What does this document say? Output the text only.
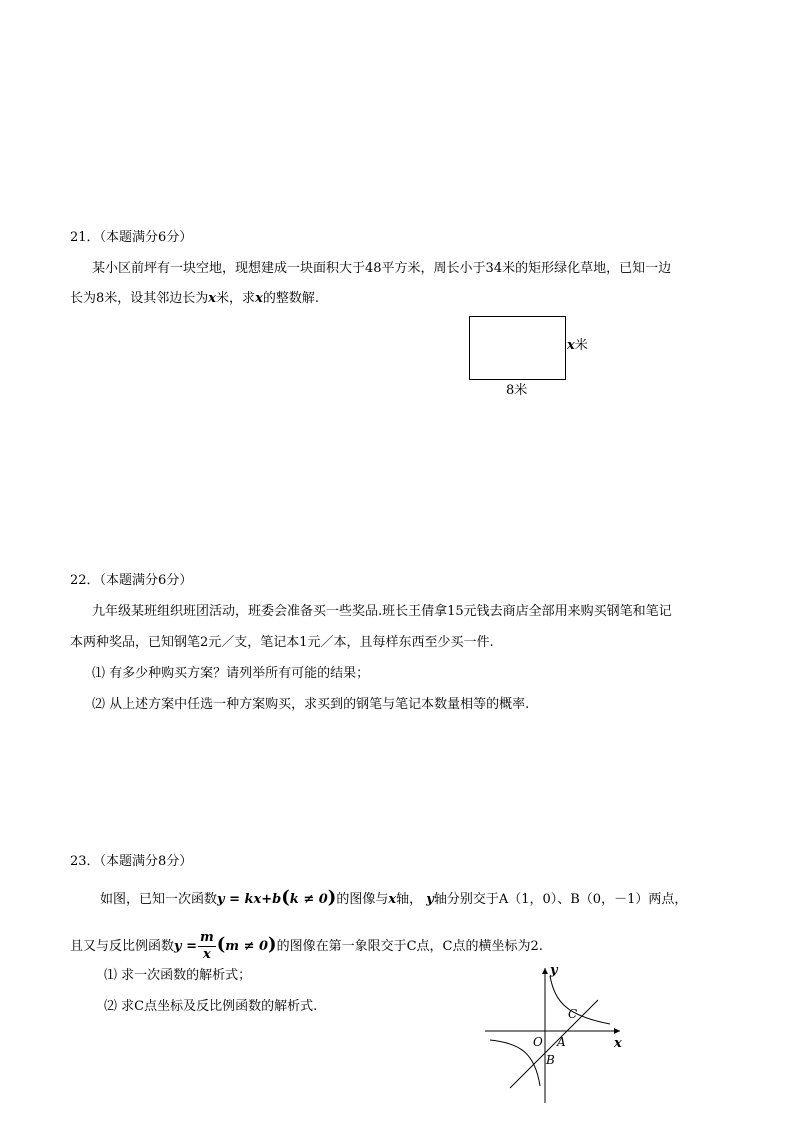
21．（本题满分6分）
某小区前坪有一块空地，现想建成一块面积大于48平方米，周长小于34米的矩形绿化草地，已知一边
长为8米，设其邻边长为x米，求x的整数解.
x米
8米
22．（本题满分6分）
九年级某班组织班团活动，班委会准备买一些奖品.班长王倩拿15元钱去商店全部用来购买钢笔和笔记
本两种奖品，已知钢笔2元／支，笔记本1元／本，且每样东西至少买一件.
⑴ 有多少种购买方案？请列举所有可能的结果；
⑵ 从上述方案中任选一种方案购买，求买到的钢笔与笔记本数量相等的概率.
23．（本题满分8分）
如图，已知一次函数y = kx+b(k ≠ 0)的图像与x轴， y轴分别交于A（1，0）、B（0，－1）两点，
且又与反比例函数$y = \frac{m}{x} (m \ne 0)$的图像在第一象限交于C点，C点的横坐标为2.
⑴ 求一次函数的解析式；
⑵ 求C点坐标及反比例函数的解析式.
x
y
O A
B
C
